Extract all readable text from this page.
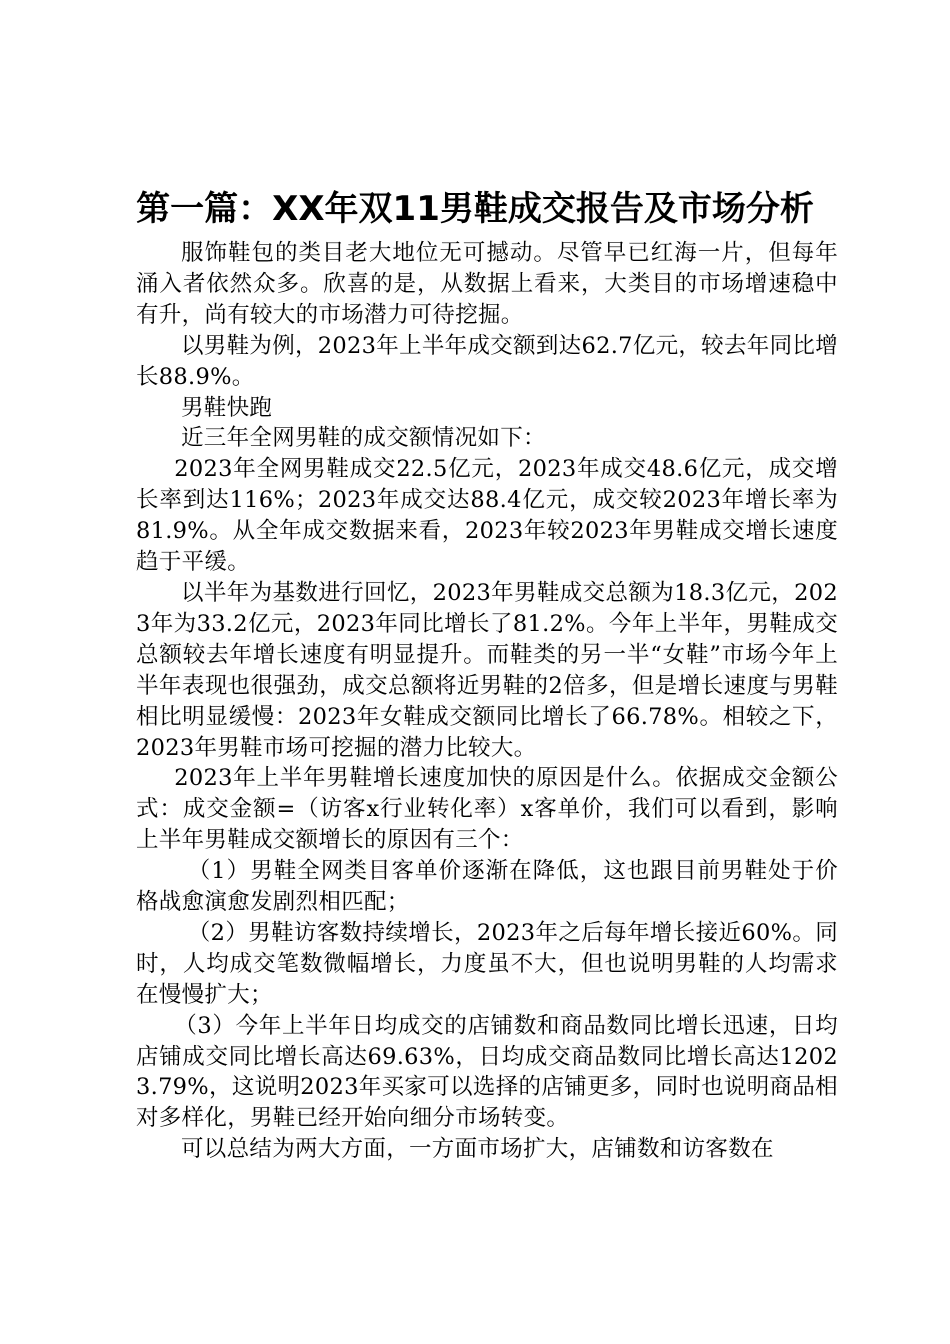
第一篇：XX年双11男鞋成交报告及市场分析

服饰鞋包的类目老大地位无可撼动。尽管早已红海一片，但每年涌入者依然众多。欣喜的是，从数据上看来，大类目的市场增速稳中有升，尚有较大的市场潜力可待挖掘。

以男鞋为例，2023年上半年成交额到达62.7亿元，较去年同比增长88.9%。

男鞋快跑

近三年全网男鞋的成交额情况如下：

2023年全网男鞋成交22.5亿元，2023年成交48.6亿元，成交增长率到达116%；2023年成交达88.4亿元，成交较2023年增长率为81.9%。从全年成交数据来看，2023年较2023年男鞋成交增长速度趋于平缓。

以半年为基数进行回忆，2023年男鞋成交总额为18.3亿元，2023年为33.2亿元，2023年同比增长了81.2%。今年上半年，男鞋成交总额较去年增长速度有明显提升。而鞋类的另一半“女鞋”市场今年上半年表现也很强劲，成交总额将近男鞋的2倍多，但是增长速度与男鞋相比明显缓慢：2023年女鞋成交额同比增长了66.78%。相较之下，2023年男鞋市场可挖掘的潜力比较大。

2023年上半年男鞋增长速度加快的原因是什么。依据成交金额公式：成交金额=（访客x行业转化率）x客单价，我们可以看到，影响上半年男鞋成交额增长的原因有三个：

（1）男鞋全网类目客单价逐渐在降低，这也跟目前男鞋处于价格战愈演愈发剧烈相匹配；

（2）男鞋访客数持续增长，2023年之后每年增长接近60%。同时，人均成交笔数微幅增长，力度虽不大，但也说明男鞋的人均需求在慢慢扩大；

（3）今年上半年日均成交的店铺数和商品数同比增长迅速，日均店铺成交同比增长高达69.63%，日均成交商品数同比增长高达12023.79%，这说明2023年买家可以选择的店铺更多，同时也说明商品相对多样化，男鞋已经开始向细分市场转变。

可以总结为两大方面，一方面市场扩大，店铺数和访客数在
